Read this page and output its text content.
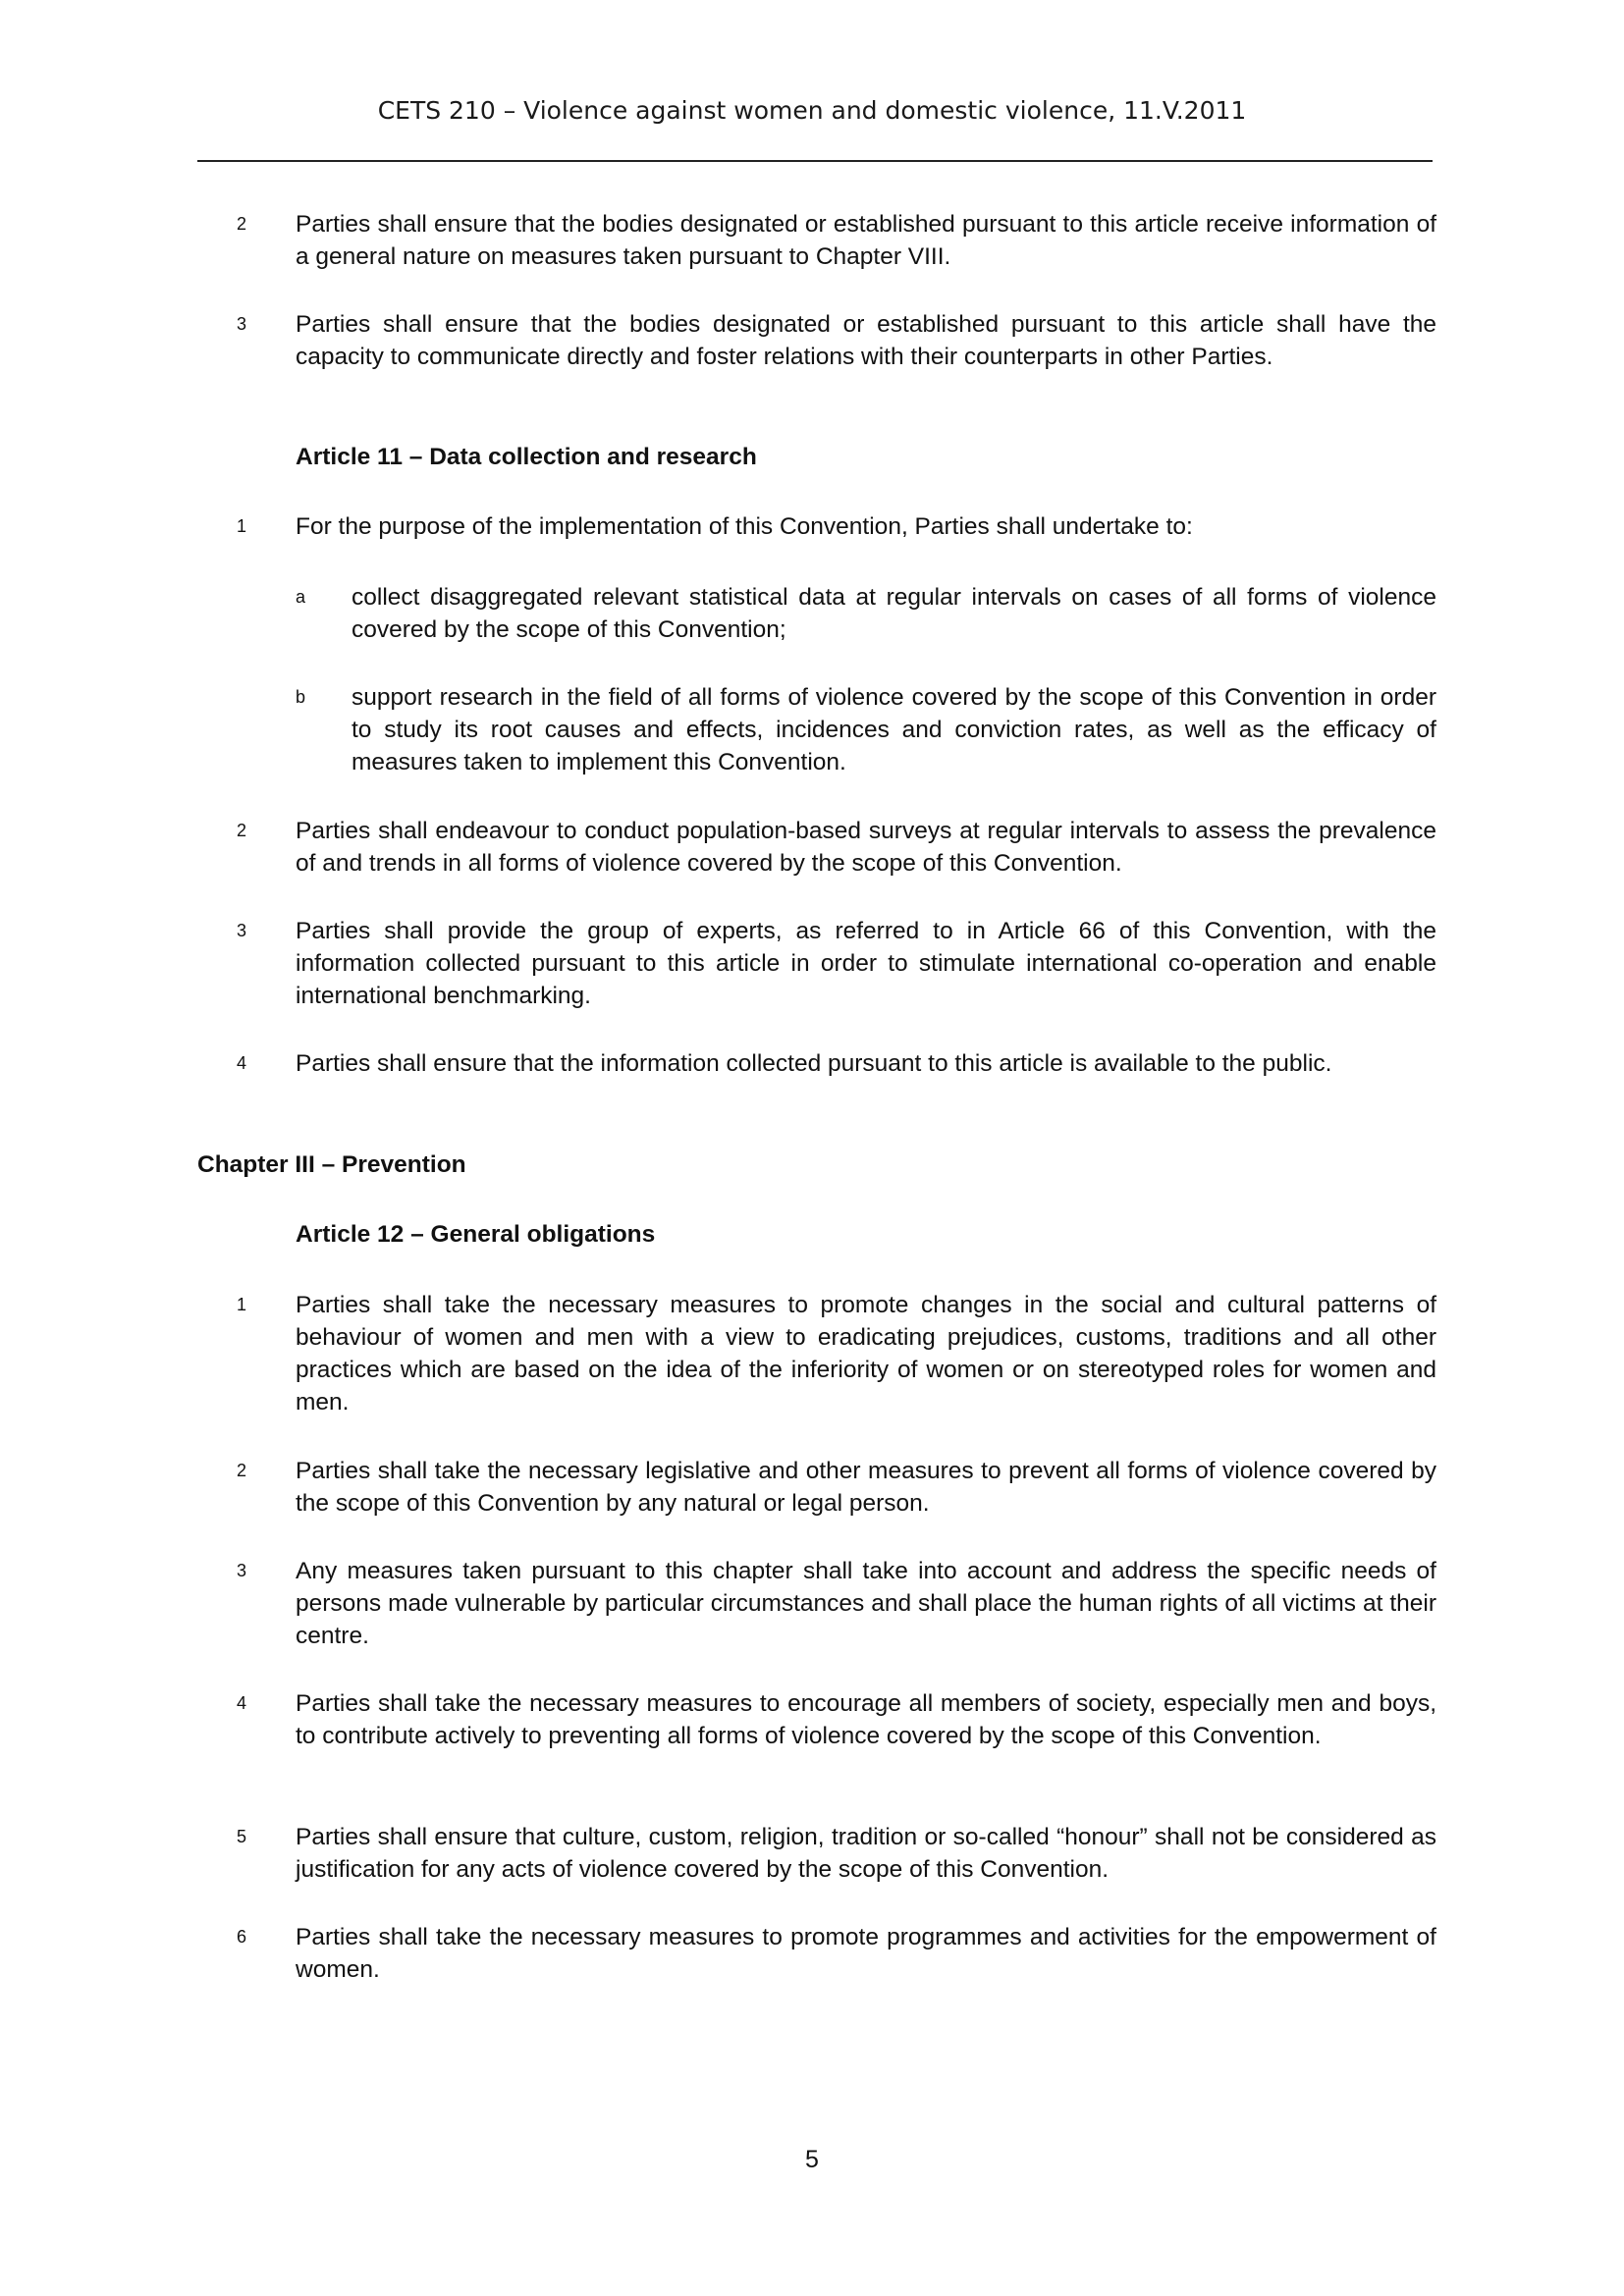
CETS 210 – Violence against women and domestic violence, 11.V.2011
2 Parties shall ensure that the bodies designated or established pursuant to this article receive information of a general nature on measures taken pursuant to Chapter VIII.
3 Parties shall ensure that the bodies designated or established pursuant to this article shall have the capacity to communicate directly and foster relations with their counterparts in other Parties.
Article 11 – Data collection and research
1 For the purpose of the implementation of this Convention, Parties shall undertake to:
a collect disaggregated relevant statistical data at regular intervals on cases of all forms of violence covered by the scope of this Convention;
b support research in the field of all forms of violence covered by the scope of this Convention in order to study its root causes and effects, incidences and conviction rates, as well as the efficacy of measures taken to implement this Convention.
2 Parties shall endeavour to conduct population-based surveys at regular intervals to assess the prevalence of and trends in all forms of violence covered by the scope of this Convention.
3 Parties shall provide the group of experts, as referred to in Article 66 of this Convention, with the information collected pursuant to this article in order to stimulate international co-operation and enable international benchmarking.
4 Parties shall ensure that the information collected pursuant to this article is available to the public.
Chapter III – Prevention
Article 12 – General obligations
1 Parties shall take the necessary measures to promote changes in the social and cultural patterns of behaviour of women and men with a view to eradicating prejudices, customs, traditions and all other practices which are based on the idea of the inferiority of women or on stereotyped roles for women and men.
2 Parties shall take the necessary legislative and other measures to prevent all forms of violence covered by the scope of this Convention by any natural or legal person.
3 Any measures taken pursuant to this chapter shall take into account and address the specific needs of persons made vulnerable by particular circumstances and shall place the human rights of all victims at their centre.
4 Parties shall take the necessary measures to encourage all members of society, especially men and boys, to contribute actively to preventing all forms of violence covered by the scope of this Convention.
5 Parties shall ensure that culture, custom, religion, tradition or so-called “honour” shall not be considered as justification for any acts of violence covered by the scope of this Convention.
6 Parties shall take the necessary measures to promote programmes and activities for the empowerment of women.
5
